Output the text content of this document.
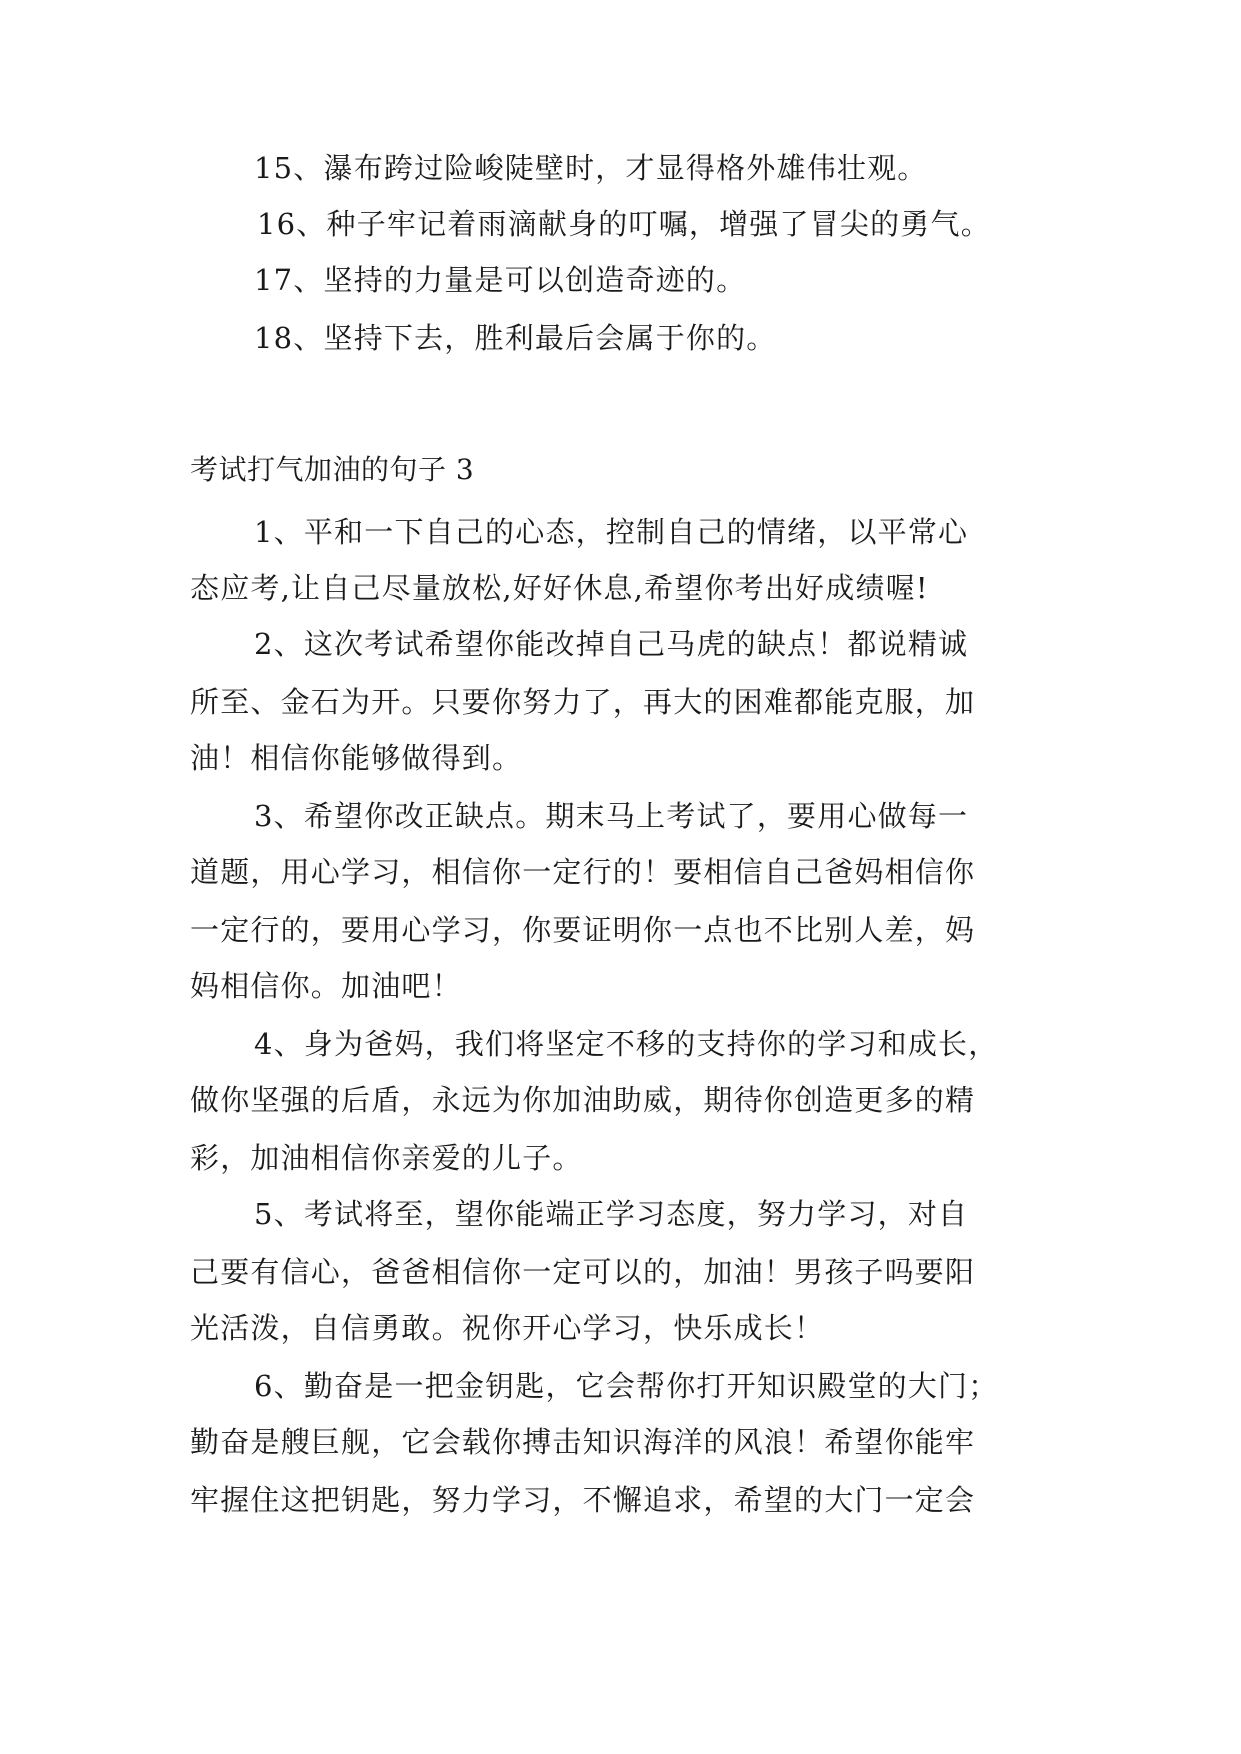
15、瀑布跨过险峻陡壁时，才显得格外雄伟壮观。
16、种子牢记着雨滴献身的叮嘱，增强了冒尖的勇气。
17、坚持的力量是可以创造奇迹的。
18、坚持下去，胜利最后会属于你的。
考试打气加油的句子 3
1、平和一下自己的心态，控制自己的情绪，以平常心
态应考,让自己尽量放松,好好休息,希望你考出好成绩喔!
2、这次考试希望你能改掉自己马虎的缺点！都说精诚
所至、金石为开。只要你努力了，再大的困难都能克服，加
油！相信你能够做得到。
3、希望你改正缺点。期末马上考试了，要用心做每一
道题，用心学习，相信你一定行的！要相信自己爸妈相信你
一定行的，要用心学习，你要证明你一点也不比别人差，妈
妈相信你。加油吧！
4、身为爸妈，我们将坚定不移的支持你的学习和成长，
做你坚强的后盾，永远为你加油助威，期待你创造更多的精
彩，加油相信你亲爱的儿子。
5、考试将至，望你能端正学习态度，努力学习，对自
己要有信心，爸爸相信你一定可以的，加油！男孩子吗要阳
光活泼，自信勇敢。祝你开心学习，快乐成长！
6、勤奋是一把金钥匙，它会帮你打开知识殿堂的大门；
勤奋是艘巨舰，它会载你搏击知识海洋的风浪！希望你能牢
牢握住这把钥匙，努力学习，不懈追求，希望的大门一定会
